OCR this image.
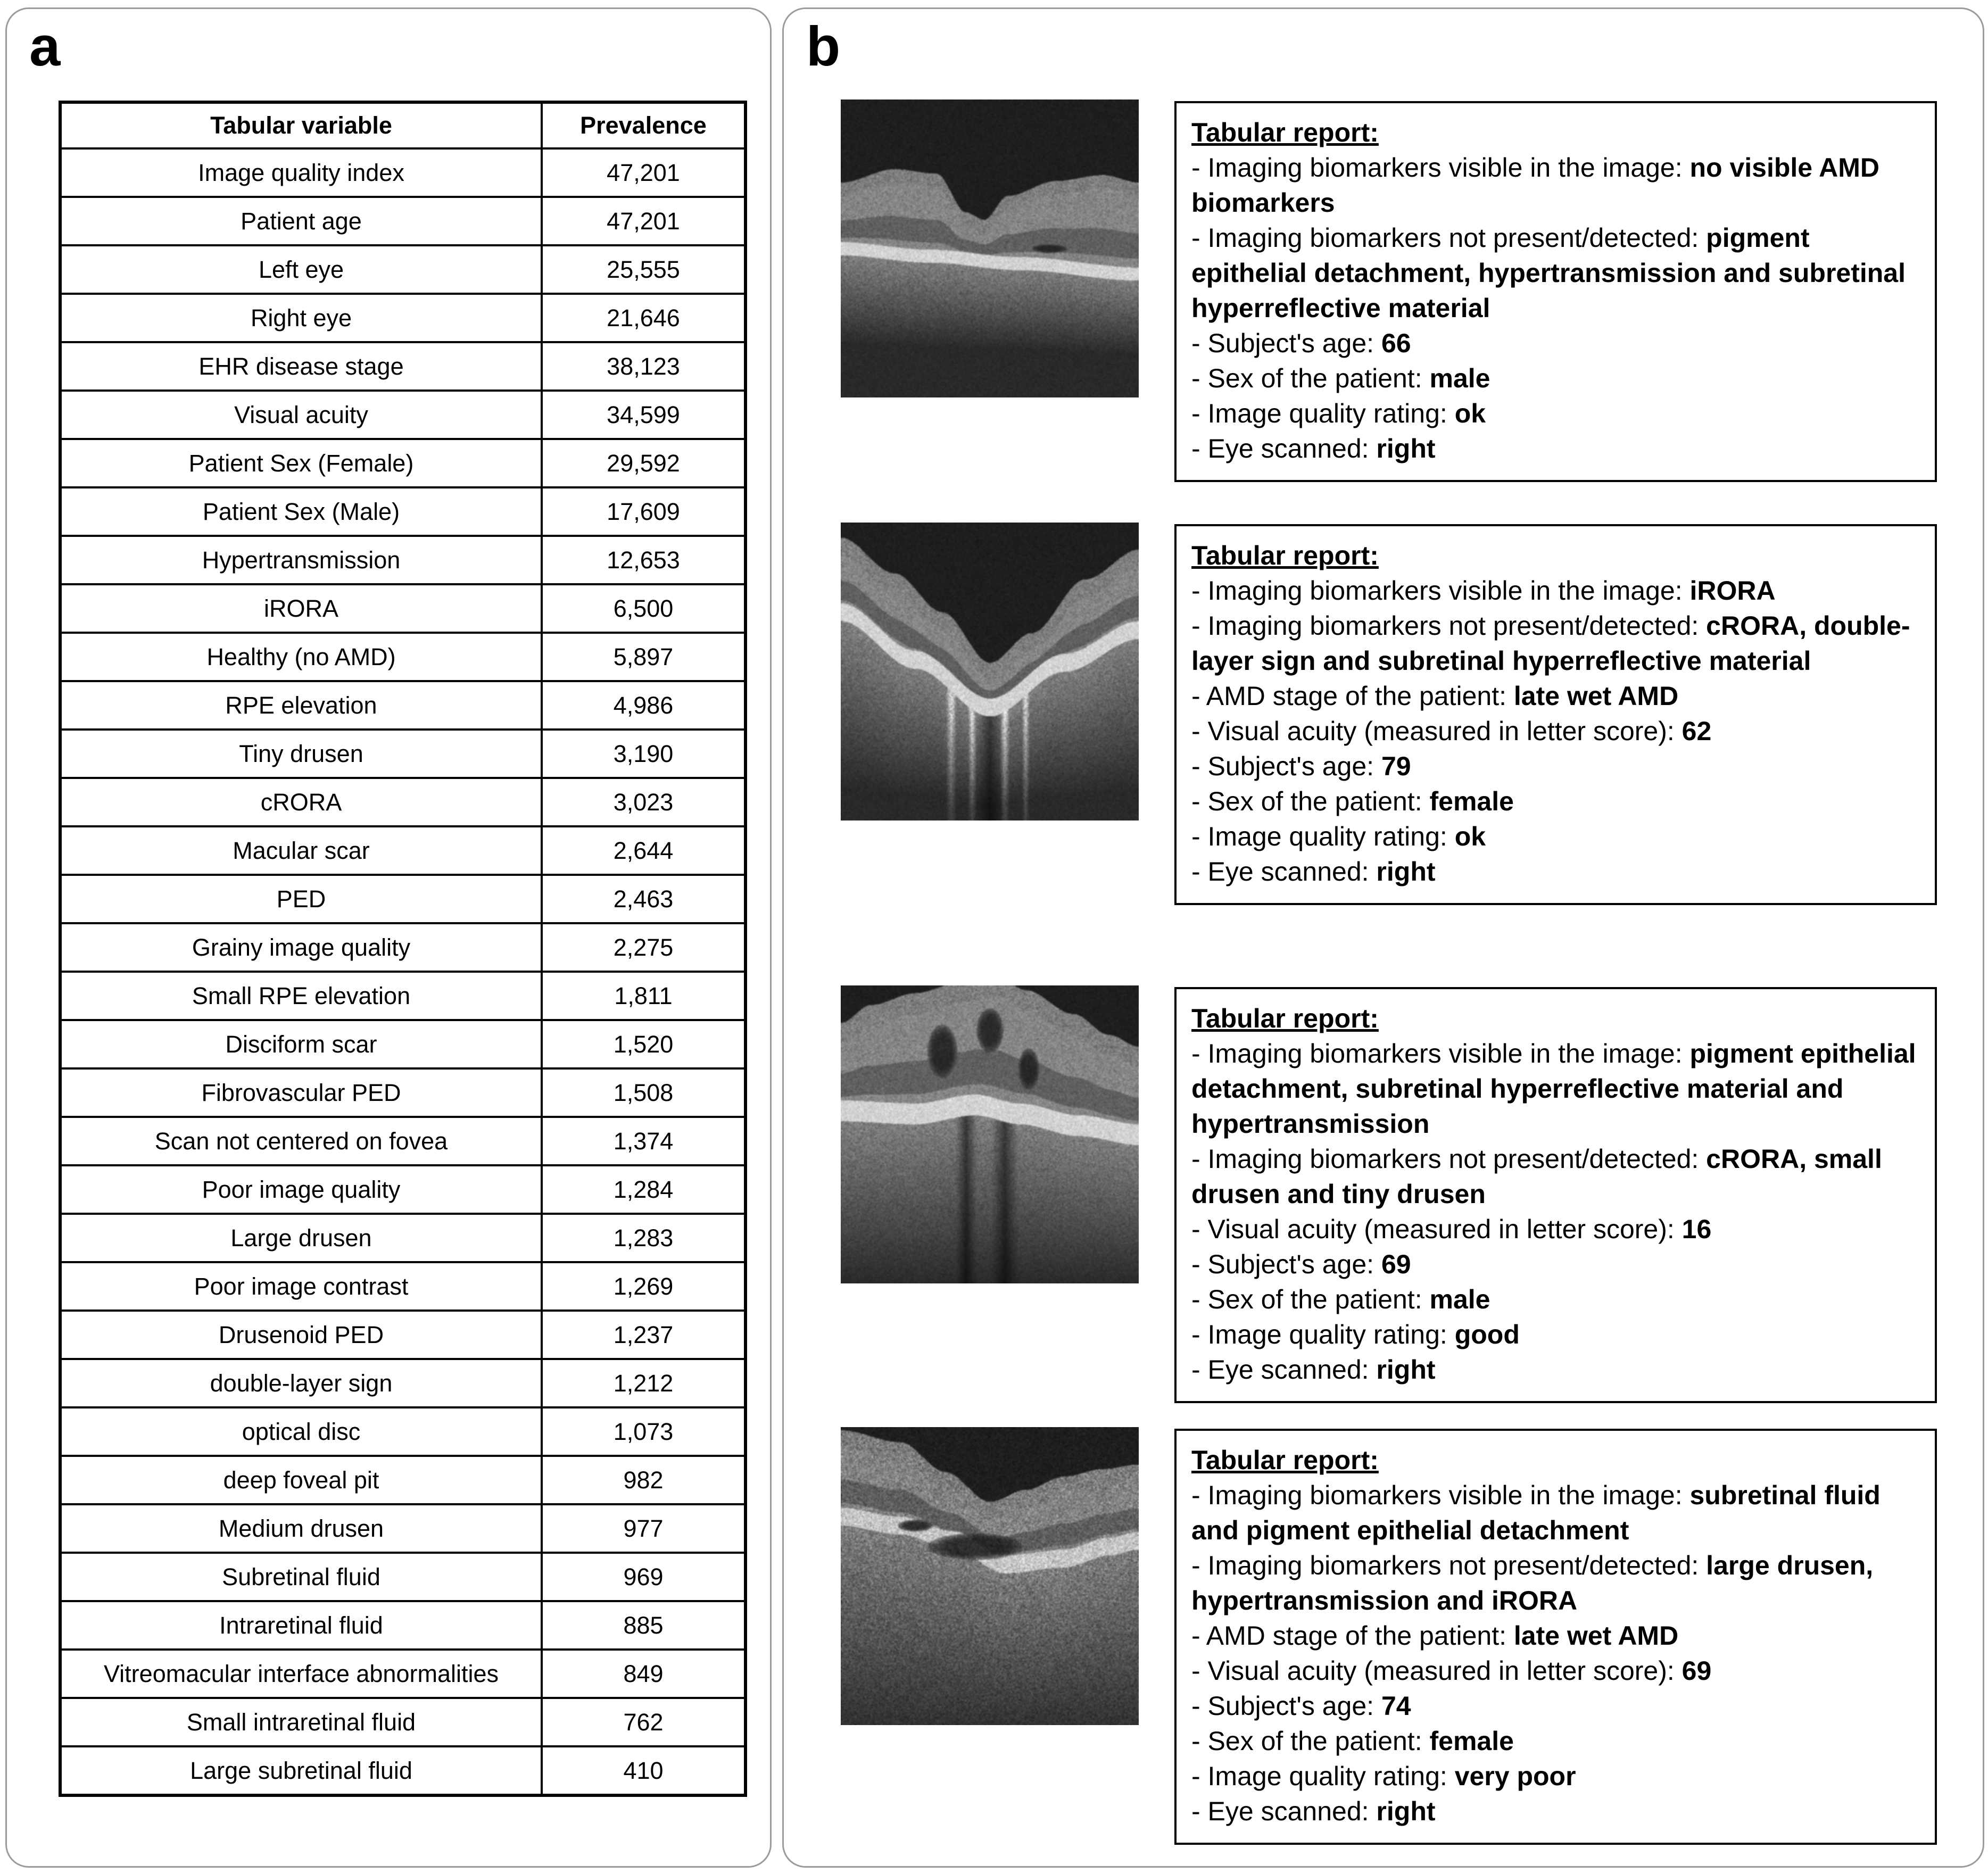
a
Tabular variable	Prevalence
Image quality index	47,201
Patient age	47,201
Left eye	25,555
Right eye	21,646
EHR disease stage	38,123
Visual acuity	34,599
Patient Sex (Female)	29,592
Patient Sex (Male)	17,609
Hypertransmission	12,653
iRORA	6,500
Healthy (no AMD)	5,897
RPE elevation	4,986
Tiny drusen	3,190
cRORA	3,023
Macular scar	2,644
PED	2,463
Grainy image quality	2,275
Small RPE elevation	1,811
Disciform scar	1,520
Fibrovascular PED	1,508
Scan not centered on fovea	1,374
Poor image quality	1,284
Large drusen	1,283
Poor image contrast	1,269
Drusenoid PED	1,237
double-layer sign	1,212
optical disc	1,073
deep foveal pit	982
Medium drusen	977
Subretinal fluid	969
Intraretinal fluid	885
Vitreomacular interface abnormalities	849
Small intraretinal fluid	762
Large subretinal fluid	410
b
Tabular report:
- Imaging biomarkers visible in the image: no visible AMD biomarkers
- Imaging biomarkers not present/detected: pigment epithelial detachment, hypertransmission and subretinal hyperreflective material
- Subject's age: 66
- Sex of the patient: male
- Image quality rating: ok
- Eye scanned: right
Tabular report:
- Imaging biomarkers visible in the image: iRORA
- Imaging biomarkers not present/detected: cRORA, double-layer sign and subretinal hyperreflective material
- AMD stage of the patient: late wet AMD
- Visual acuity (measured in letter score): 62
- Subject's age: 79
- Sex of the patient: female
- Image quality rating: ok
- Eye scanned: right
Tabular report:
- Imaging biomarkers visible in the image: pigment epithelial detachment, subretinal hyperreflective material and hypertransmission
- Imaging biomarkers not present/detected: cRORA, small drusen and tiny drusen
- Visual acuity (measured in letter score): 16
- Subject's age: 69
- Sex of the patient: male
- Image quality rating: good
- Eye scanned: right
Tabular report:
- Imaging biomarkers visible in the image: subretinal fluid and pigment epithelial detachment
- Imaging biomarkers not present/detected: large drusen, hypertransmission and iRORA
- AMD stage of the patient: late wet AMD
- Visual acuity (measured in letter score): 69
- Subject's age: 74
- Sex of the patient: female
- Image quality rating: very poor
- Eye scanned: right
